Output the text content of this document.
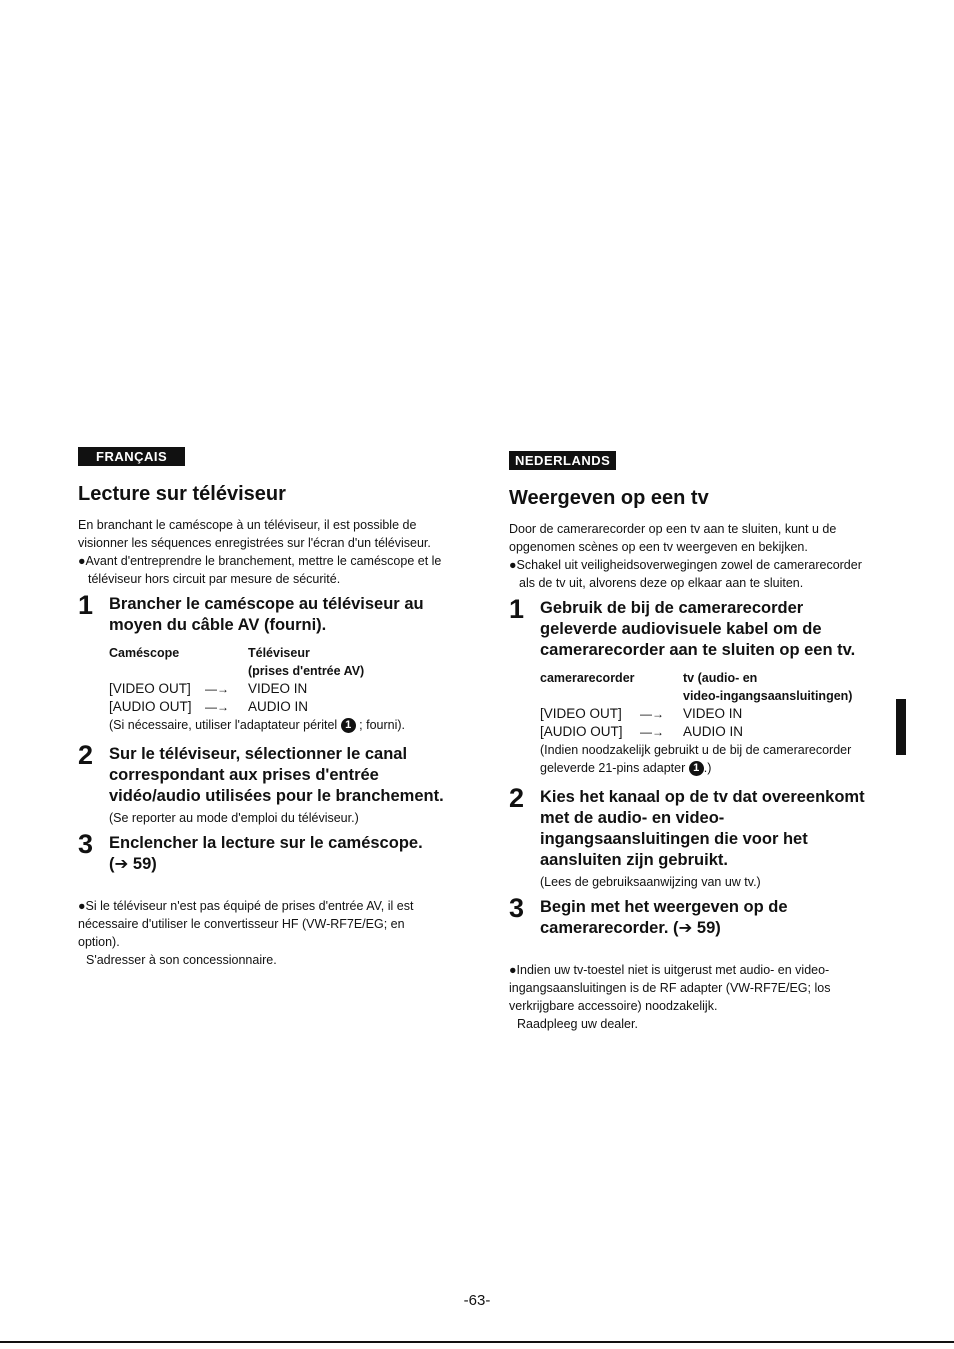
FRANÇAIS
Lecture sur téléviseur

En branchant le caméscope à un téléviseur, il est possible de visionner les séquences enregistrées sur l'écran d'un téléviseur.

●Avant d'entreprendre le branchement, mettre le caméscope et le téléviseur hors circuit par mesure de sécurité.

1 Brancher le caméscope au téléviseur au moyen du câble AV (fourni).

Caméscope	Téléviseur
(prises d'entrée AV)
[VIDEO OUT]	—→	VIDEO IN
[AUDIO OUT]	—→	AUDIO IN

(Si nécessaire, utiliser l'adaptateur péritel 1 ; fourni).

2 Sur le téléviseur, sélectionner le canal correspondant aux prises d'entrée vidéo/audio utilisées pour le branchement.

(Se reporter au mode d'emploi du téléviseur.)

3 Enclencher la lecture sur le caméscope. (➔ 59)

●Si le téléviseur n'est pas équipé de prises d'entrée AV, il est nécessaire d'utiliser le convertisseur HF (VW-RF7E/EG; en option).

S'adresser à son concessionnaire.

NEDERLANDS
Weergeven op een tv

Door de camerarecorder op een tv aan te sluiten, kunt u de opgenomen scènes op een tv weergeven en bekijken.

●Schakel uit veiligheidsoverwegingen zowel de camerarecorder als de tv uit, alvorens deze op elkaar aan te sluiten.

1 Gebruik de bij de camerarecorder geleverde audiovisuele kabel om de camerarecorder aan te sluiten op een tv.

camerarecorder	tv (audio- en
video-ingangsaansluitingen)
[VIDEO OUT]	—→	VIDEO IN
[AUDIO OUT]	—→	AUDIO IN

(Indien noodzakelijk gebruikt u de bij de camerarecorder geleverde 21-pins adapter 1 .)

2 Kies het kanaal op de tv dat overeenkomt met de audio- en video-ingangsaansluitingen die voor het aansluiten zijn gebruikt.

(Lees de gebruiksaanwijzing van uw tv.)

3 Begin met het weergeven op de camerarecorder. (➔ 59)

●Indien uw tv-toestel niet is uitgerust met audio- en video-ingangsaansluitingen is de RF adapter (VW-RF7E/EG; los verkrijgbare accessoire) noodzakelijk.

Raadpleeg uw dealer.

-63-
